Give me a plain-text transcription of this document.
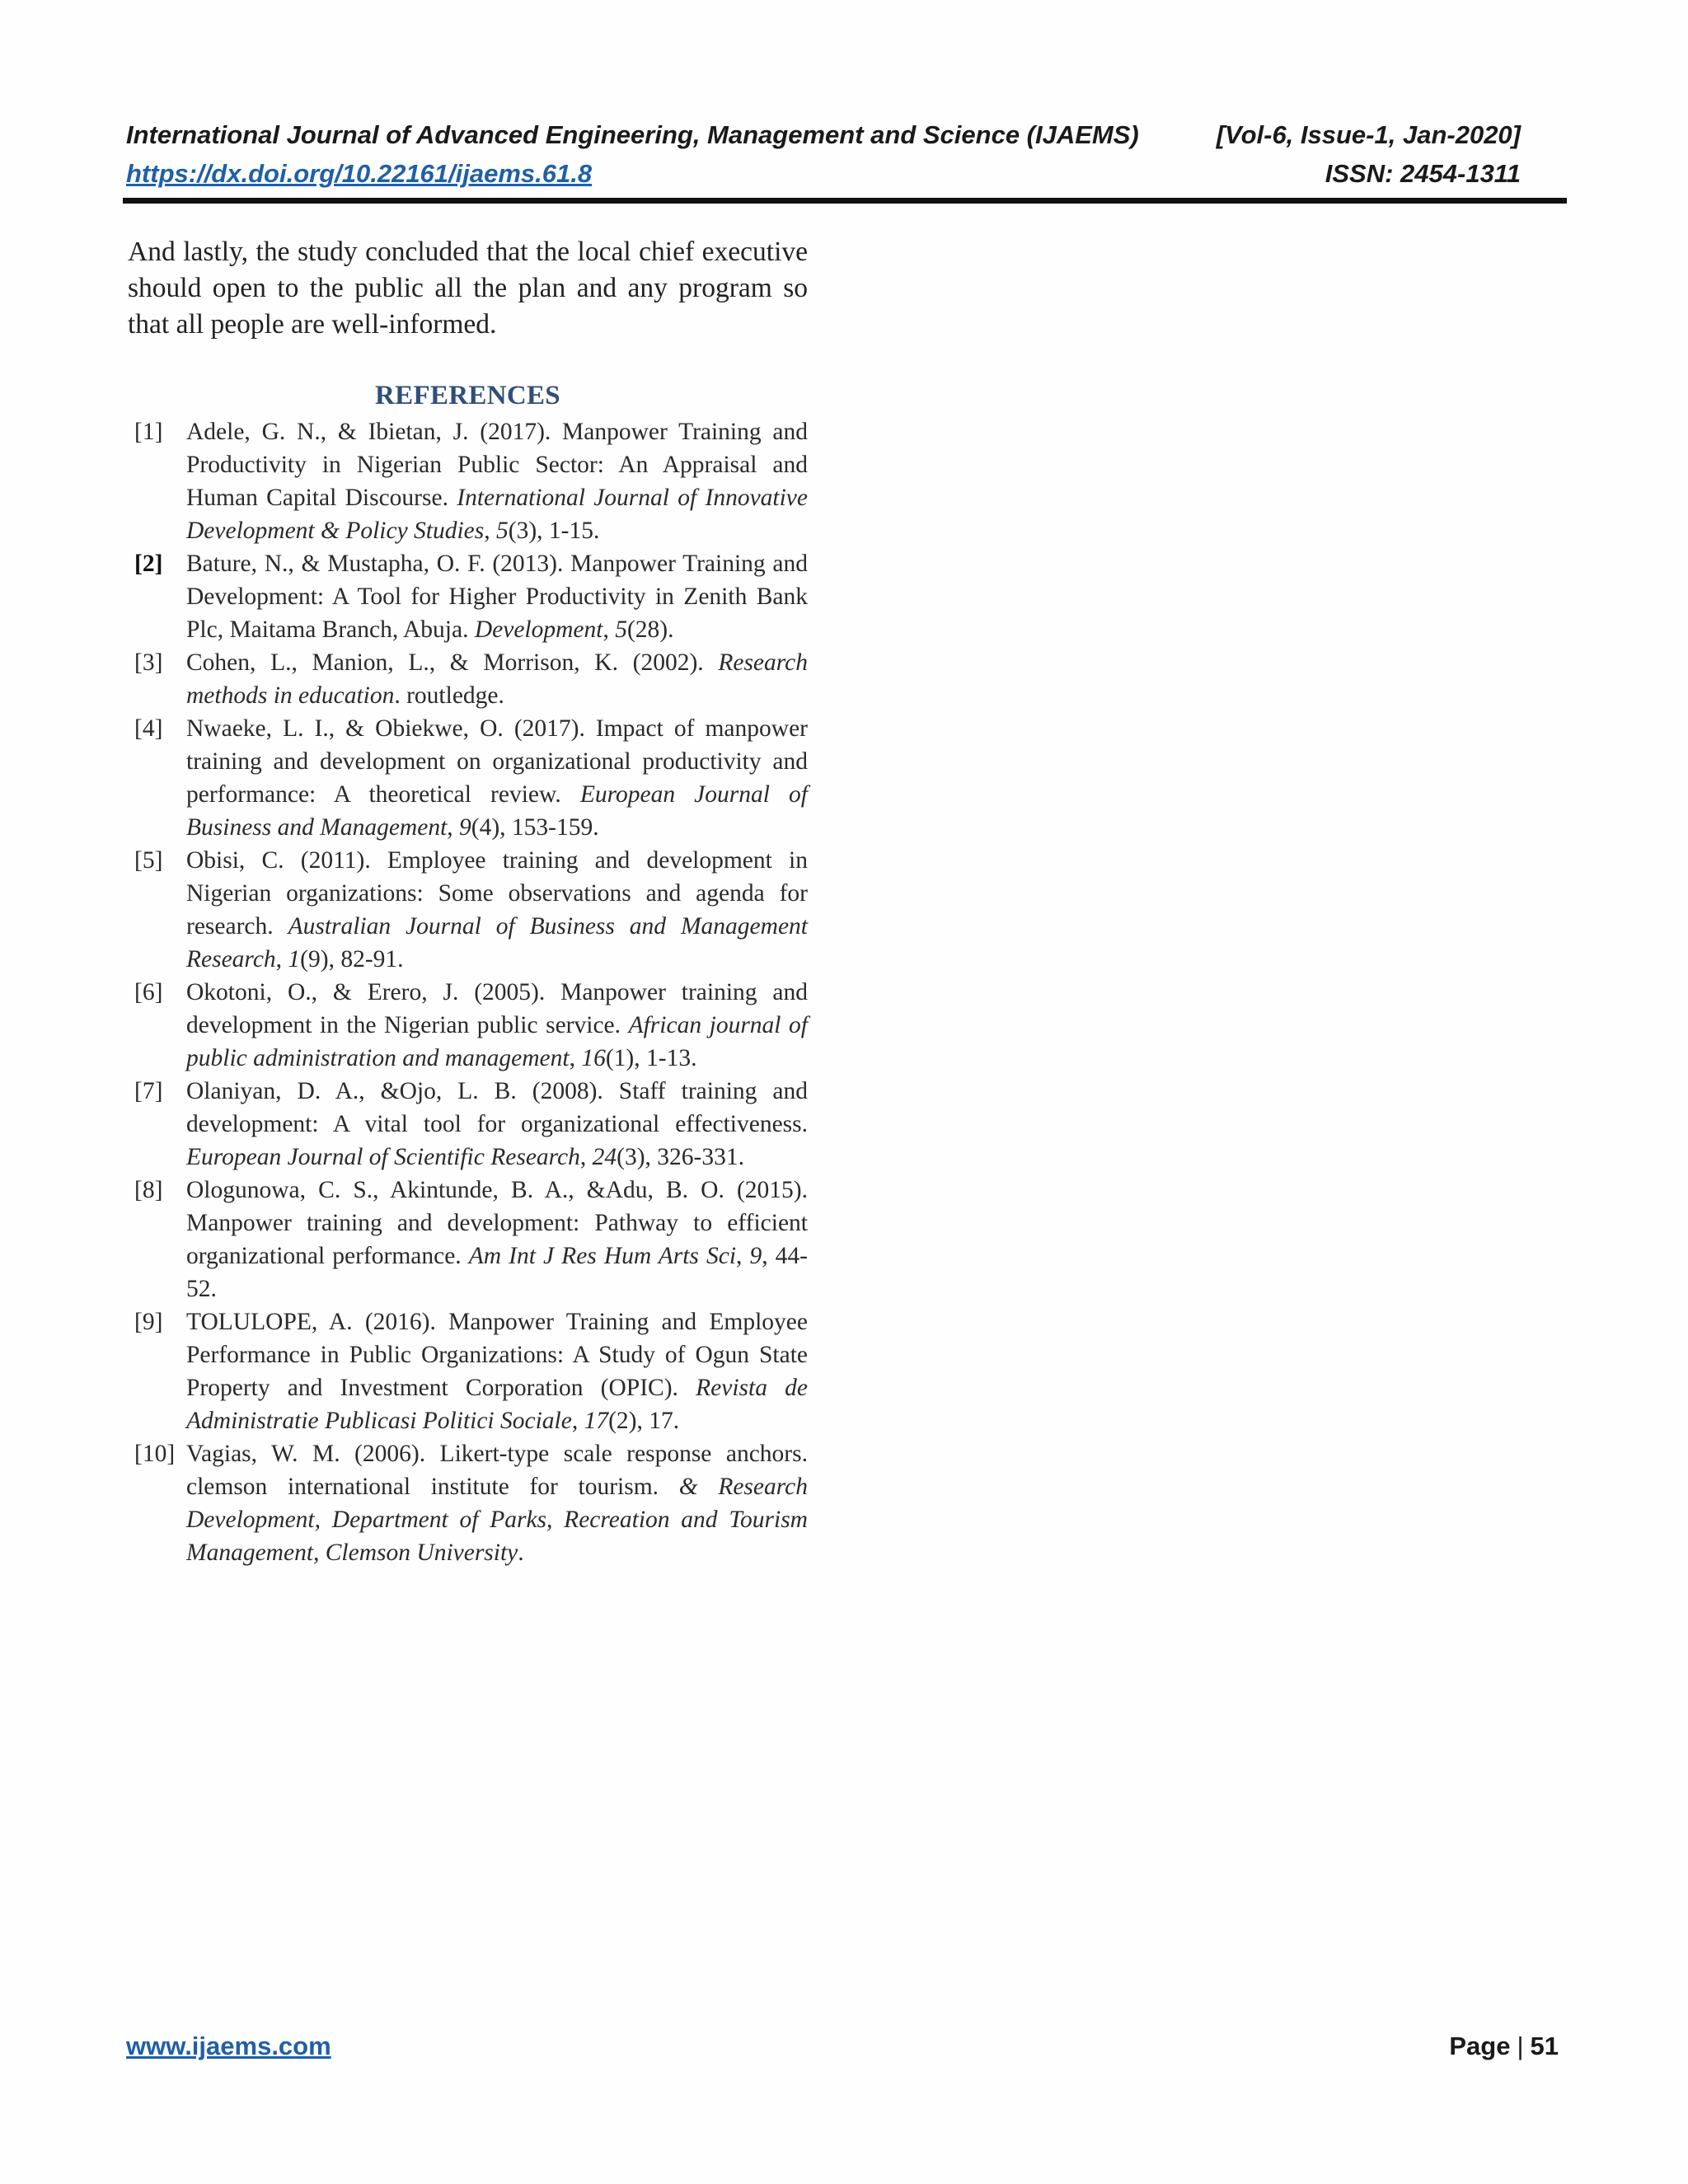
International Journal of Advanced Engineering, Management and Science (IJAEMS)	[Vol-6, Issue-1, Jan-2020]
https://dx.doi.org/10.22161/ijaems.61.8	ISSN: 2454-1311
And lastly, the study concluded that the local chief executive should open to the public all the plan and any program so that all people are well-informed.
REFERENCES
[1] Adele, G. N., & Ibietan, J. (2017). Manpower Training and Productivity in Nigerian Public Sector: An Appraisal and Human Capital Discourse. International Journal of Innovative Development & Policy Studies, 5(3), 1-15.
[2] Bature, N., & Mustapha, O. F. (2013). Manpower Training and Development: A Tool for Higher Productivity in Zenith Bank Plc, Maitama Branch, Abuja. Development, 5(28).
[3] Cohen, L., Manion, L., & Morrison, K. (2002). Research methods in education. routledge.
[4] Nwaeke, L. I., & Obiekwe, O. (2017). Impact of manpower training and development on organizational productivity and performance: A theoretical review. European Journal of Business and Management, 9(4), 153-159.
[5] Obisi, C. (2011). Employee training and development in Nigerian organizations: Some observations and agenda for research. Australian Journal of Business and Management Research, 1(9), 82-91.
[6] Okotoni, O., & Erero, J. (2005). Manpower training and development in the Nigerian public service. African journal of public administration and management, 16(1), 1-13.
[7] Olaniyan, D. A., &Ojo, L. B. (2008). Staff training and development: A vital tool for organizational effectiveness. European Journal of Scientific Research, 24(3), 326-331.
[8] Ologunowa, C. S., Akintunde, B. A., &Adu, B. O. (2015). Manpower training and development: Pathway to efficient organizational performance. Am Int J Res Hum Arts Sci, 9, 44-52.
[9] TOLULOPE, A. (2016). Manpower Training and Employee Performance in Public Organizations: A Study of Ogun State Property and Investment Corporation (OPIC). Revista de Administratie Publicasi Politici Sociale, 17(2), 17.
[10] Vagias, W. M. (2006). Likert-type scale response anchors. clemson international institute for tourism. & Research Development, Department of Parks, Recreation and Tourism Management, Clemson University.
www.ijaems.com	Page | 51
